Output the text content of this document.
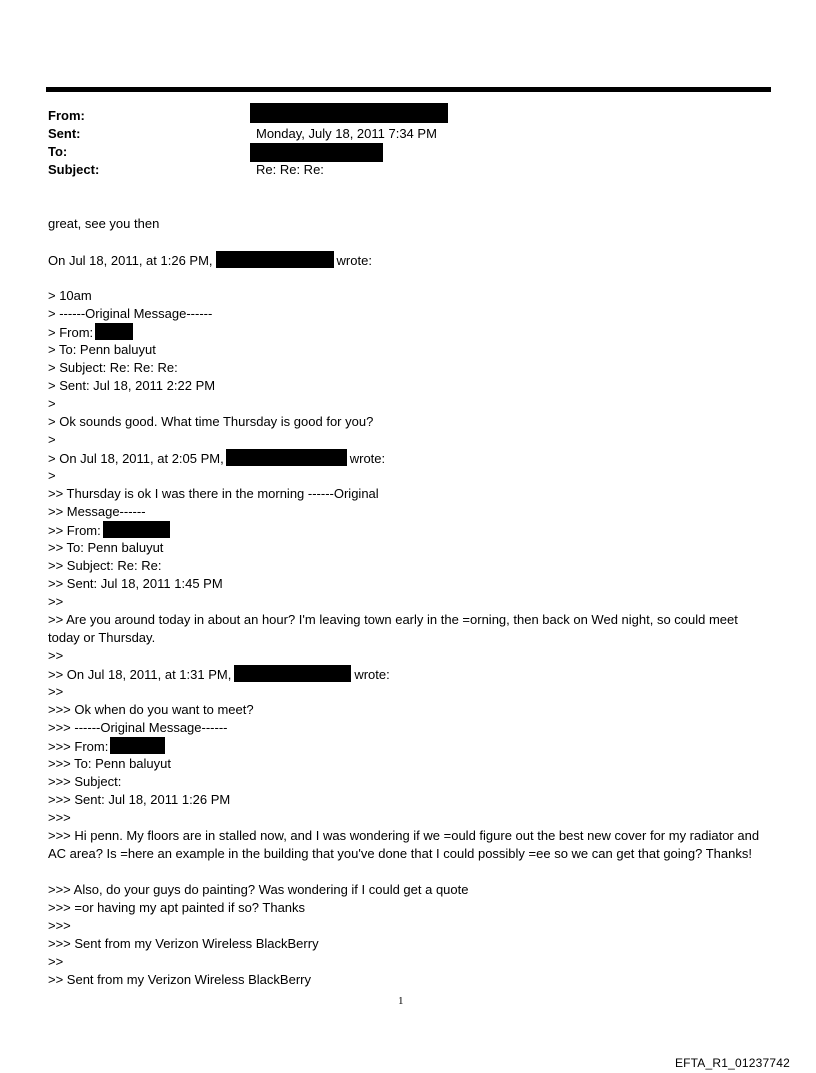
From:
Sent:	Monday, July 18, 2011 7:34 PM
To:
Subject:	Re: Re: Re:
great, see you then
On Jul 18, 2011, at 1:26 PM,	wrote:
> 10am
> ------Original Message------
> From:
> To: Penn baluyut
> Subject: Re: Re: Re:
> Sent: Jul 18, 2011 2:22 PM
>
> Ok sounds good. What time Thursday is good for you?
>
> On Jul 18, 2011, at 2:05 PM,	wrote:
>
>> Thursday is ok I was there in the morning ------Original
>> Message------
>> From:
>> To: Penn baluyut
>> Subject: Re: Re:
>> Sent: Jul 18, 2011 1:45 PM
>>
>> Are you around today in about an hour? I'm leaving town early in the =orning, then back on Wed night, so could meet today or Thursday.
>>
>> On Jul 18, 2011, at 1:31 PM,	wrote:
>>
>>> Ok when do you want to meet?
>>> ------Original Message------
>>> From:
>>> To: Penn baluyut
>>> Subject:
>>> Sent: Jul 18, 2011 1:26 PM
>>>
>>> Hi penn. My floors are in stalled now, and I was wondering if we =ould figure out the best new cover for my radiator and AC area? Is =here an example in the building that you've done that I could possibly =ee so we can get that going? Thanks!
>>> Also, do your guys do painting? Was wondering if I could get a quote
>>> =or having my apt painted if so? Thanks
>>>
>>> Sent from my Verizon Wireless BlackBerry
>>
>> Sent from my Verizon Wireless BlackBerry
1
EFTA_R1_01237742
